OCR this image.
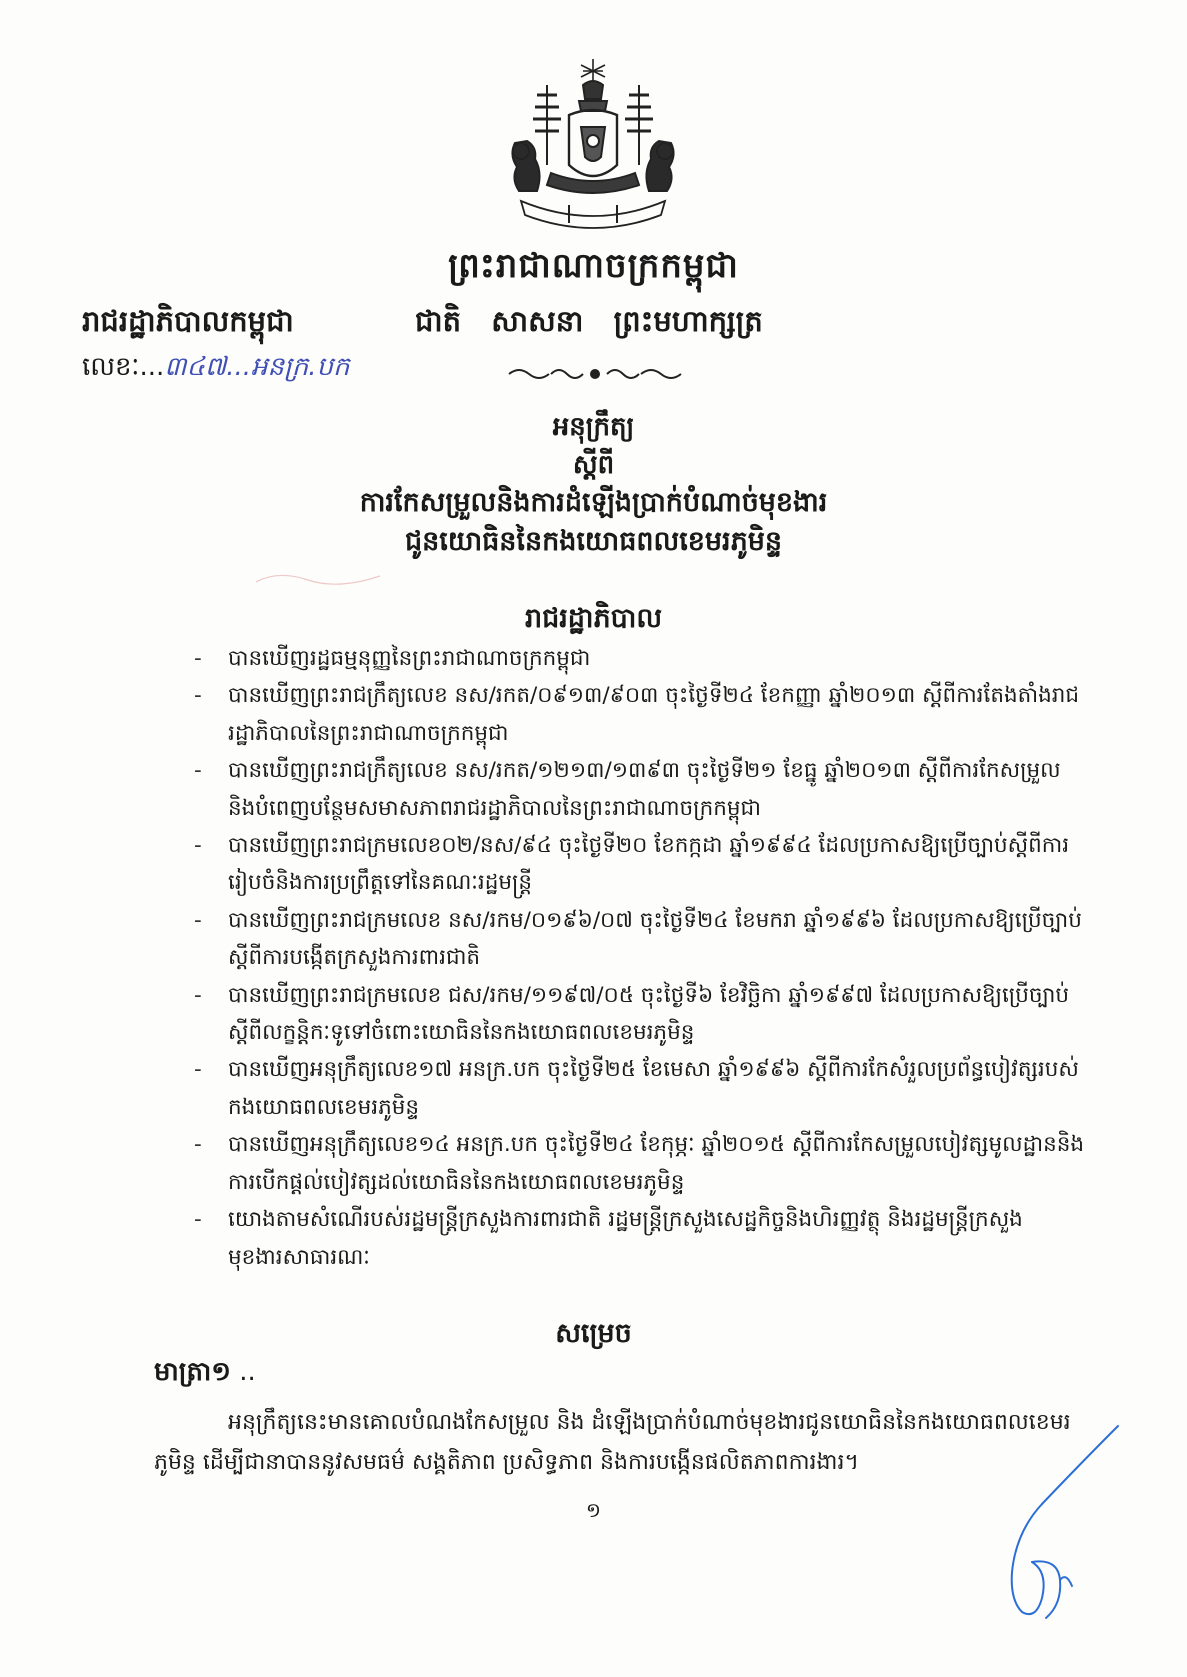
ព្រះរាជាណាចក្រកម្ពុជា
រាជរដ្ឋាភិបាលកម្ពុជា	ជាតិ   សាសនា   ព្រះមហាក្សត្រ
លេខៈ...៣៤៧...អនក្រ.បក
អនុក្រឹត្យ
ស្តីពី
ការកែសម្រួលនិងការដំឡើងប្រាក់បំណាច់មុខងារ
ជូនយោធិននៃកងយោធពលខេមរភូមិន្ទ
រាជរដ្ឋាភិបាល
- បានឃើញរដ្ឋធម្មនុញ្ញនៃព្រះរាជាណាចក្រកម្ពុជា
- បានឃើញព្រះរាជក្រឹត្យលេខ នស/រកត/០៩១៣/៩០៣ ចុះថ្ងៃទី២៤ ខែកញ្ញា ឆ្នាំ២០១៣ ស្តីពីការតែងតាំងរាជរដ្ឋាភិបាលនៃព្រះរាជាណាចក្រកម្ពុជា
- បានឃើញព្រះរាជក្រឹត្យលេខ នស/រកត/១២១៣/១៣៩៣ ចុះថ្ងៃទី២១ ខែធ្នូ ឆ្នាំ២០១៣ ស្តីពីការកែសម្រួលនិងបំពេញបន្ថែមសមាសភាពរាជរដ្ឋាភិបាលនៃព្រះរាជាណាចក្រកម្ពុជា
- បានឃើញព្រះរាជក្រមលេខ០២/នស/៩៤ ចុះថ្ងៃទី២០ ខែកក្កដា ឆ្នាំ១៩៩៤ ដែលប្រកាសឱ្យប្រើច្បាប់ស្តីពីការរៀបចំនិងការប្រព្រឹត្តទៅនៃគណៈរដ្ឋមន្ត្រី
- បានឃើញព្រះរាជក្រមលេខ នស/រកម/០១៩៦/០៧ ចុះថ្ងៃទី២៤ ខែមករា ឆ្នាំ១៩៩៦ ដែលប្រកាសឱ្យប្រើច្បាប់ស្តីពីការបង្កើតក្រសួងការពារជាតិ
- បានឃើញព្រះរាជក្រមលេខ ជស/រកម/១១៩៧/០៥ ចុះថ្ងៃទី៦ ខែវិច្ឆិកា ឆ្នាំ១៩៩៧ ដែលប្រកាសឱ្យប្រើច្បាប់ស្តីពីលក្ខន្តិកៈទូទៅចំពោះយោធិននៃកងយោធពលខេមរភូមិន្ទ
- បានឃើញអនុក្រឹត្យលេខ១៧ អនក្រ.បក ចុះថ្ងៃទី២៥ ខែមេសា ឆ្នាំ១៩៩៦ ស្តីពីការកែសំរួលប្រព័ន្ធបៀវត្សរបស់កងយោធពលខេមរភូមិន្ទ
- បានឃើញអនុក្រឹត្យលេខ១៤ អនក្រ.បក ចុះថ្ងៃទី២៤ ខែកុម្ភៈ ឆ្នាំ២០១៥ ស្តីពីការកែសម្រួលបៀវត្សមូលដ្ឋាននិងការបើកផ្តល់បៀវត្សដល់យោធិននៃកងយោធពលខេមរភូមិន្ទ
- យោងតាមសំណើរបស់រដ្ឋមន្ត្រីក្រសួងការពារជាតិ រដ្ឋមន្ត្រីក្រសួងសេដ្ឋកិច្ចនិងហិរញ្ញវត្ថុ និងរដ្ឋមន្ត្រីក្រសួងមុខងារសាធារណៈ
សម្រេច
មាត្រា១ ..
អនុក្រឹត្យនេះមានគោលបំណងកែសម្រួល និង ដំឡើងប្រាក់បំណាច់មុខងារជូនយោធិននៃកងយោធពលខេមរភូមិន្ទ ដើម្បីជានាបាននូវសមធម៌ សង្គតិភាព ប្រសិទ្ធភាព និងការបង្កើនផលិតភាពការងារ។
១
